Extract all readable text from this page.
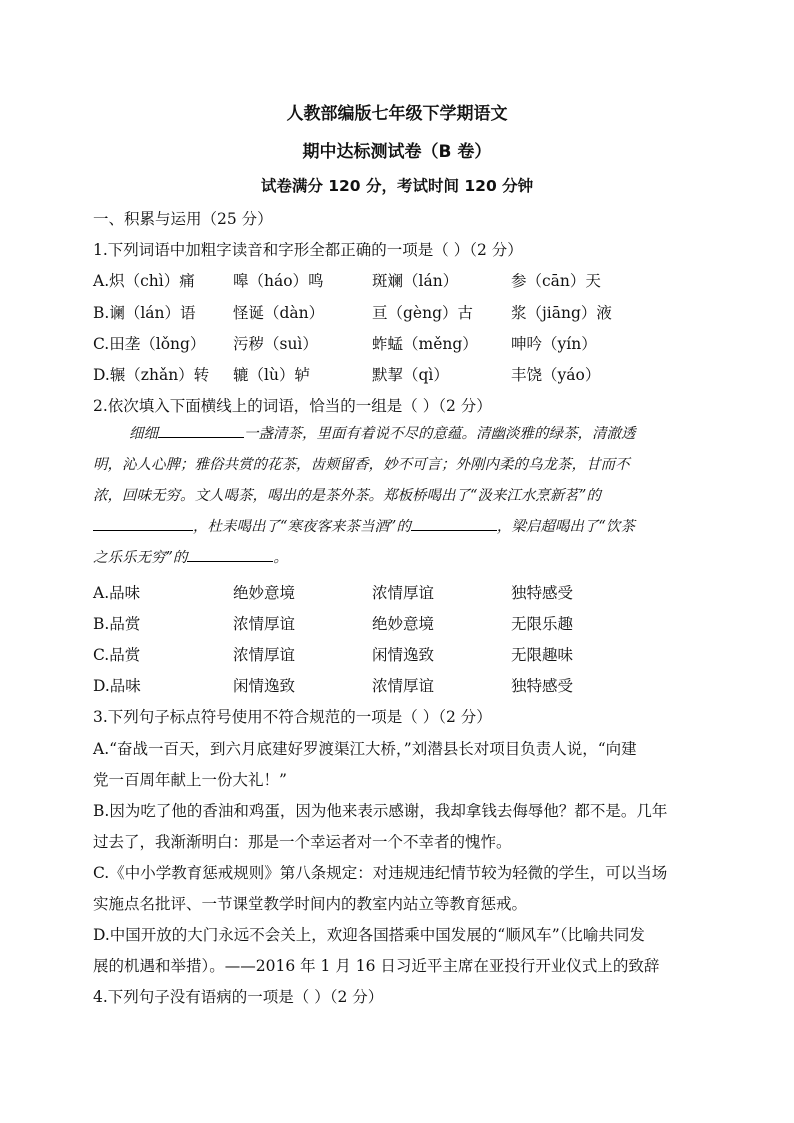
人教部编版七年级下学期语文
期中达标测试卷（B 卷）
试卷满分 120 分，考试时间 120 分钟
一、积累与运用（25 分）
1.下列词语中加粗字读音和字形全都正确的一项是（ ）（2 分）
A.炽（chì）痛 嗥（háo）鸣	斑斓（lán）	参（cān）天
B.谰（lán）语 怪诞（dàn）	亘（gèng）古 浆（jiāng）液
C.田垄（lǒng） 污秽（suì）	蚱蜢（měng） 呻吟（yín）
D.辗（zhǎn）转 辘（lù）轳	默挈（qì）	丰饶（yáo）
2.依次填入下面横线上的词语，恰当的一组是（ ）（2 分）
细细	一盏清茶，里面有着说不尽的意蕴。清幽淡雅的绿茶，清澈透
明，沁人心脾；雅俗共赏的花茶，齿颊留香，妙不可言；外刚内柔的乌龙茶，甘而不
浓，回味无穷。文人喝茶，喝出的是茶外茶。郑板桥喝出了“汲来江水烹新茗”的
，杜耒喝出了“寒夜客来茶当酒”的	，梁启超喝出了“饮茶
之乐乐无穷”的	。
A.品味	绝妙意境	浓情厚谊	独特感受
B.品赏	浓情厚谊	绝妙意境	无限乐趣
C.品赏	浓情厚谊	闲情逸致	无限趣味
D.品味	闲情逸致	浓情厚谊	独特感受
3.下列句子标点符号使用不符合规范的一项是（ ）（2 分）
A.“奋战一百天，到六月底建好罗渡渠江大桥，”刘潜县长对项目负责人说，“向建
党一百周年献上一份大礼！”
B.因为吃了他的香油和鸡蛋，因为他来表示感谢，我却拿钱去侮辱他？都不是。几年
过去了，我渐渐明白：那是一个幸运者对一个不幸者的愧怍。
C.《中小学教育惩戒规则》第八条规定：对违规违纪情节较为轻微的学生，可以当场
实施点名批评、一节课堂教学时间内的教室内站立等教育惩戒。
D.中国开放的大门永远不会关上，欢迎各国搭乘中国发展的“顺风车”（比喻共同发
展的机遇和举措）。——2016 年 1 月 16 日习近平主席在亚投行开业仪式上的致辞
4.下列句子没有语病的一项是（ ）（2 分）
